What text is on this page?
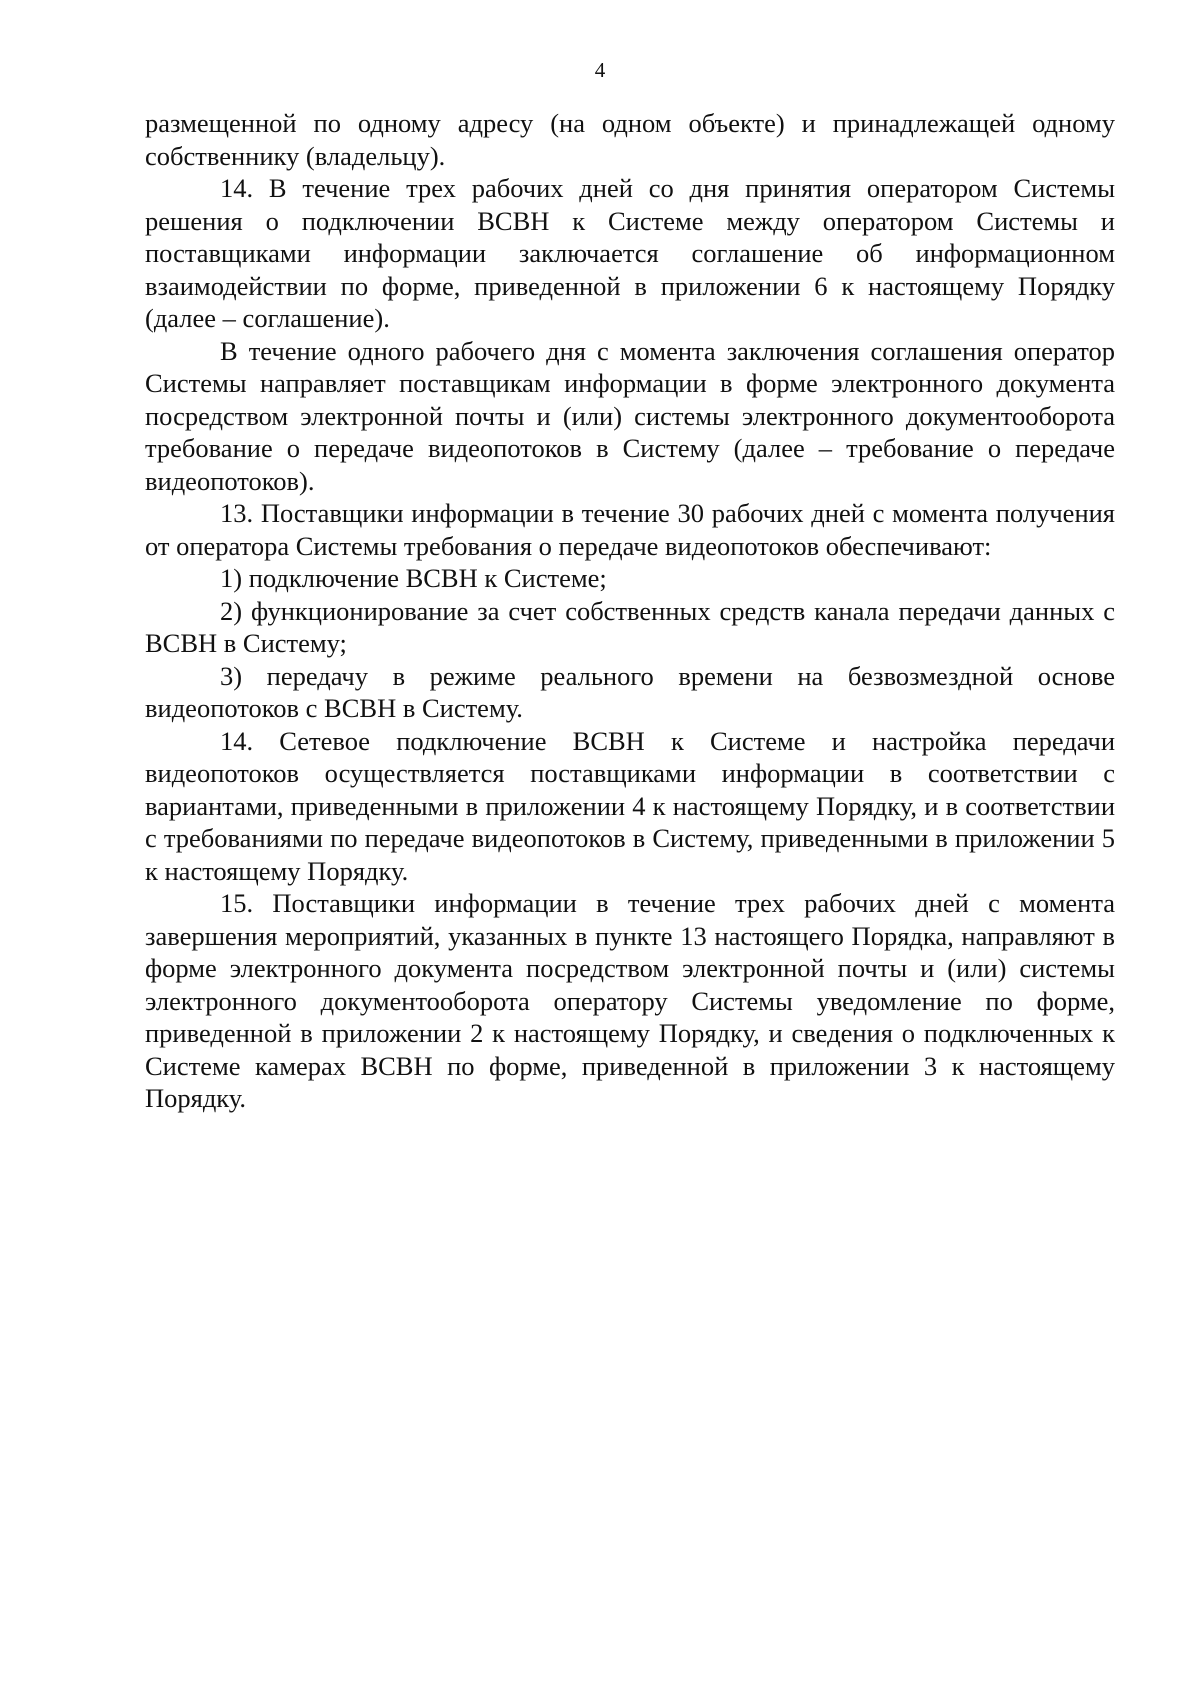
4

размещенной по одному адресу (на одном объекте) и принадлежащей одному собственнику (владельцу).

14. В течение трех рабочих дней со дня принятия оператором Системы решения о подключении ВСВН к Системе между оператором Системы и поставщиками информации заключается соглашение об информационном взаимодействии по форме, приведенной в приложении 6 к настоящему Порядку (далее – соглашение).

В течение одного рабочего дня с момента заключения соглашения оператор Системы направляет поставщикам информации в форме электронного документа посредством электронной почты и (или) системы электронного документооборота требование о передаче видеопотоков в Систему (далее – требование о передаче видеопотоков).

13. Поставщики информации в течение 30 рабочих дней с момента получения от оператора Системы требования о передаче видеопотоков обеспечивают:

1) подключение ВСВН к Системе;

2) функционирование за счет собственных средств канала передачи данных с ВСВН в Систему;

3) передачу в режиме реального времени на безвозмездной основе видеопотоков с ВСВН в Систему.

14. Сетевое подключение ВСВН к Системе и настройка передачи видеопотоков осуществляется поставщиками информации в соответствии с вариантами, приведенными в приложении 4 к настоящему Порядку, и в соответствии с требованиями по передаче видеопотоков в Систему, приведенными в приложении 5 к настоящему Порядку.

15. Поставщики информации в течение трех рабочих дней с момента завершения мероприятий, указанных в пункте 13 настоящего Порядка, направляют в форме электронного документа посредством электронной почты и (или) системы электронного документооборота оператору Системы уведомление по форме, приведенной в приложении 2 к настоящему Порядку, и сведения о подключенных к Системе камерах ВСВН по форме, приведенной в приложении 3 к настоящему Порядку.
